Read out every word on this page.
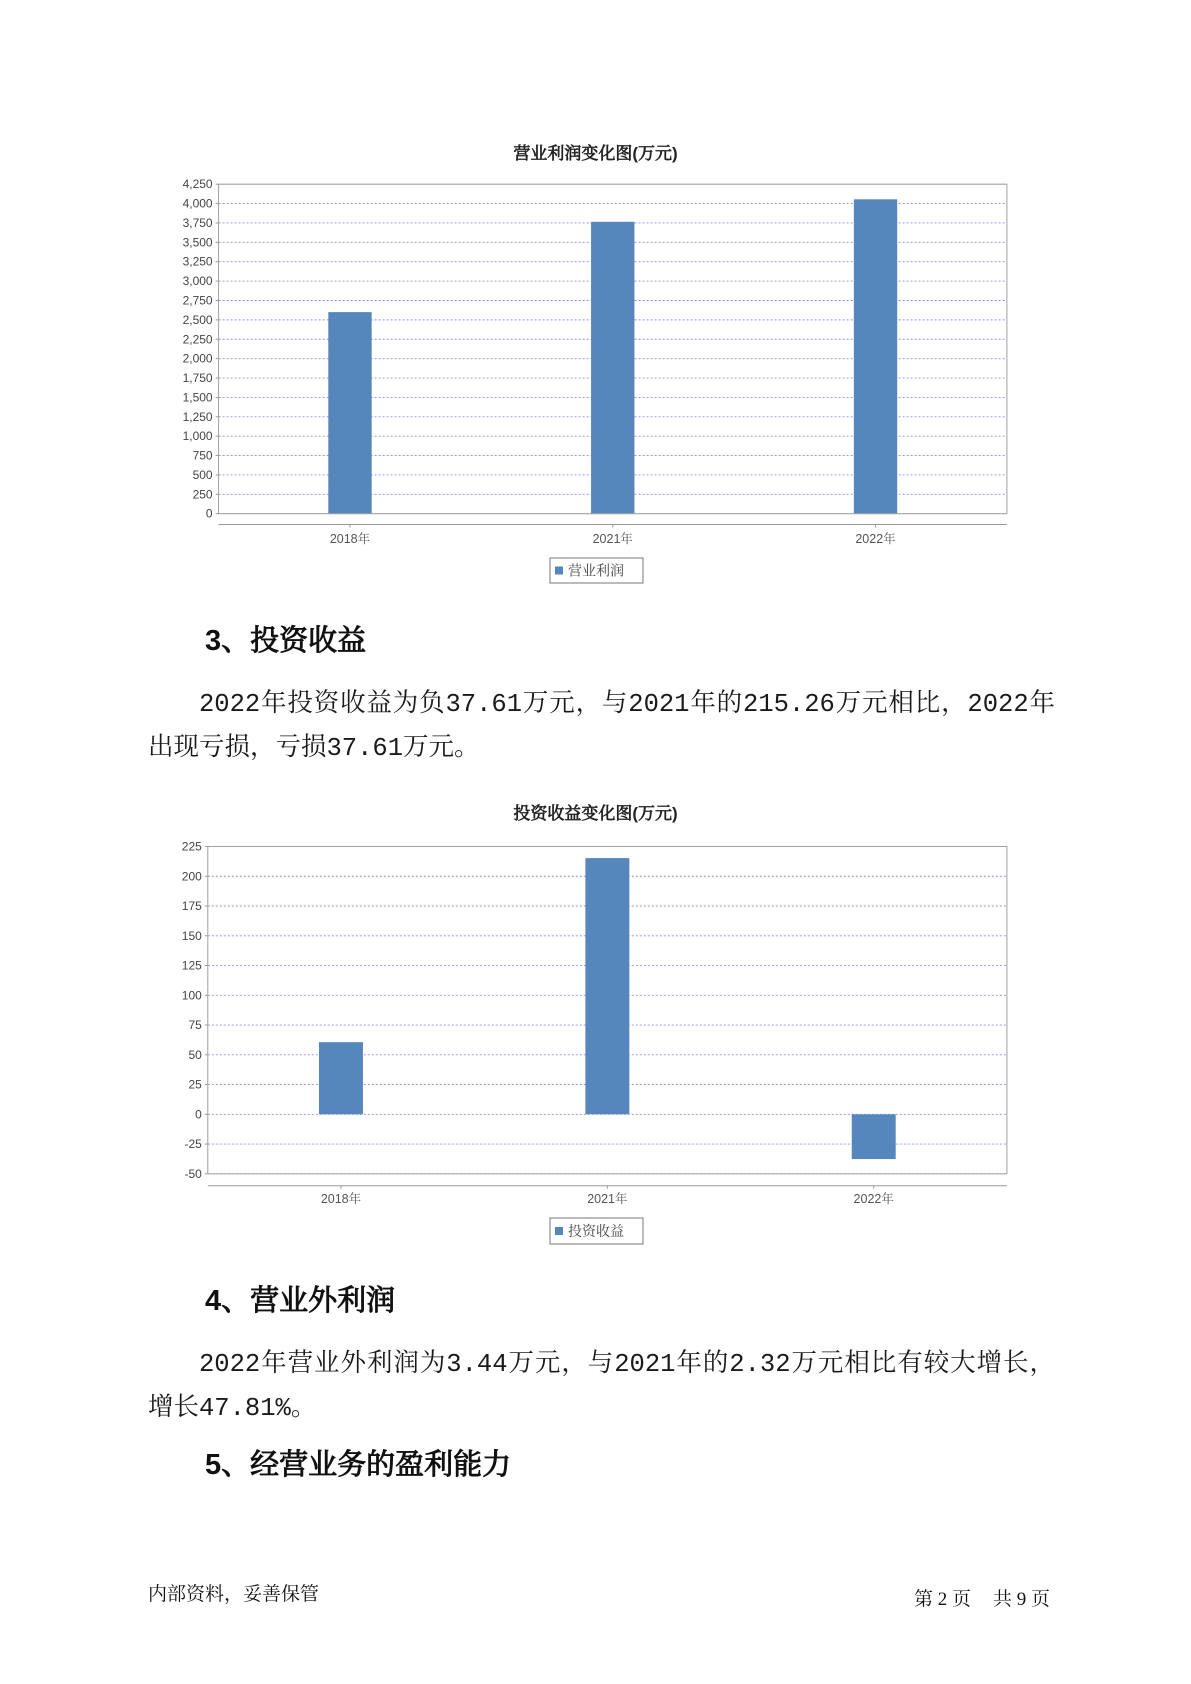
营业利润变化图(万元)
0
250
500
750
1,000
1,250
1,500
1,750
2,000
2,250
2,500
2,750
3,000
3,250
3,500
3,750
4,000
4,250
2018年	2021年	2022年
营业利润
3、投资收益
2022年投资收益为负37.61万元，与2021年的215.26万元相比，2022年
出现亏损，亏损37.61万元。
投资收益变化图(万元)
-50
-25
0
25
50
75
100
125
150
175
200
225
2018年	2021年	2022年
投资收益
4、营业外利润
2022年营业外利润为3.44万元，与2021年的2.32万元相比有较大增长，
增长47.81%。
5、经营业务的盈利能力
内部资料，妥善保管	第 2 页 共 9 页
